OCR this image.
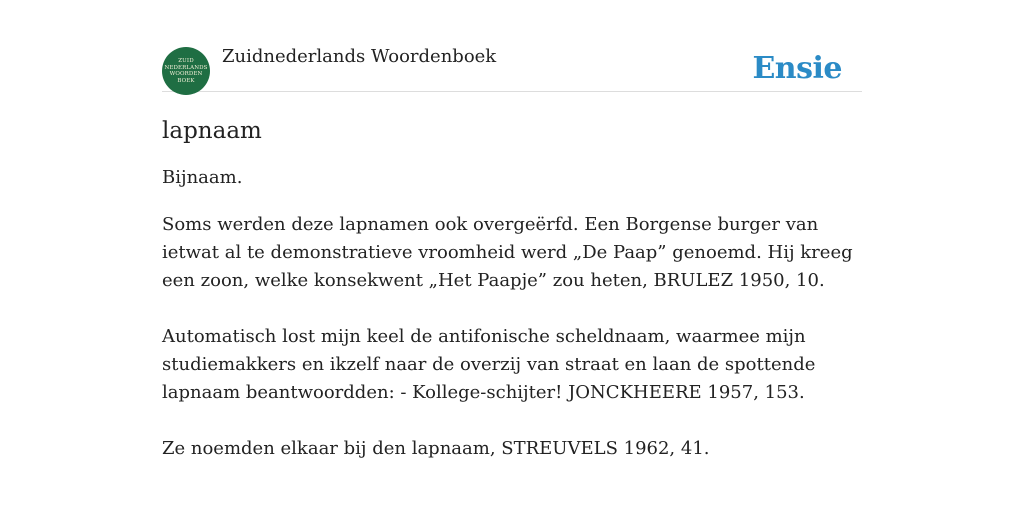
ZUID
NEDERLANDS
WOORDEN
BOEK
Zuidnederlands Woordenboek	Ensie
lapnaam

Bijnaam.

Soms werden deze lapnamen ook overgeërfd. Een Borgense burger van ietwat al te demonstratieve vroomheid werd „De Paap” genoemd. Hij kreeg een zoon, welke konsekwent „Het Paapje” zou heten, BRULEZ 1950, 10.

Automatisch lost mijn keel de antifonische scheldnaam, waarmee mijn studiemakkers en ikzelf naar de overzij van straat en laan de spottende lapnaam beantwoordden: - Kollege-schijter! JONCKHEERE 1957, 153.

Ze noemden elkaar bij den lapnaam, STREUVELS 1962, 41.
